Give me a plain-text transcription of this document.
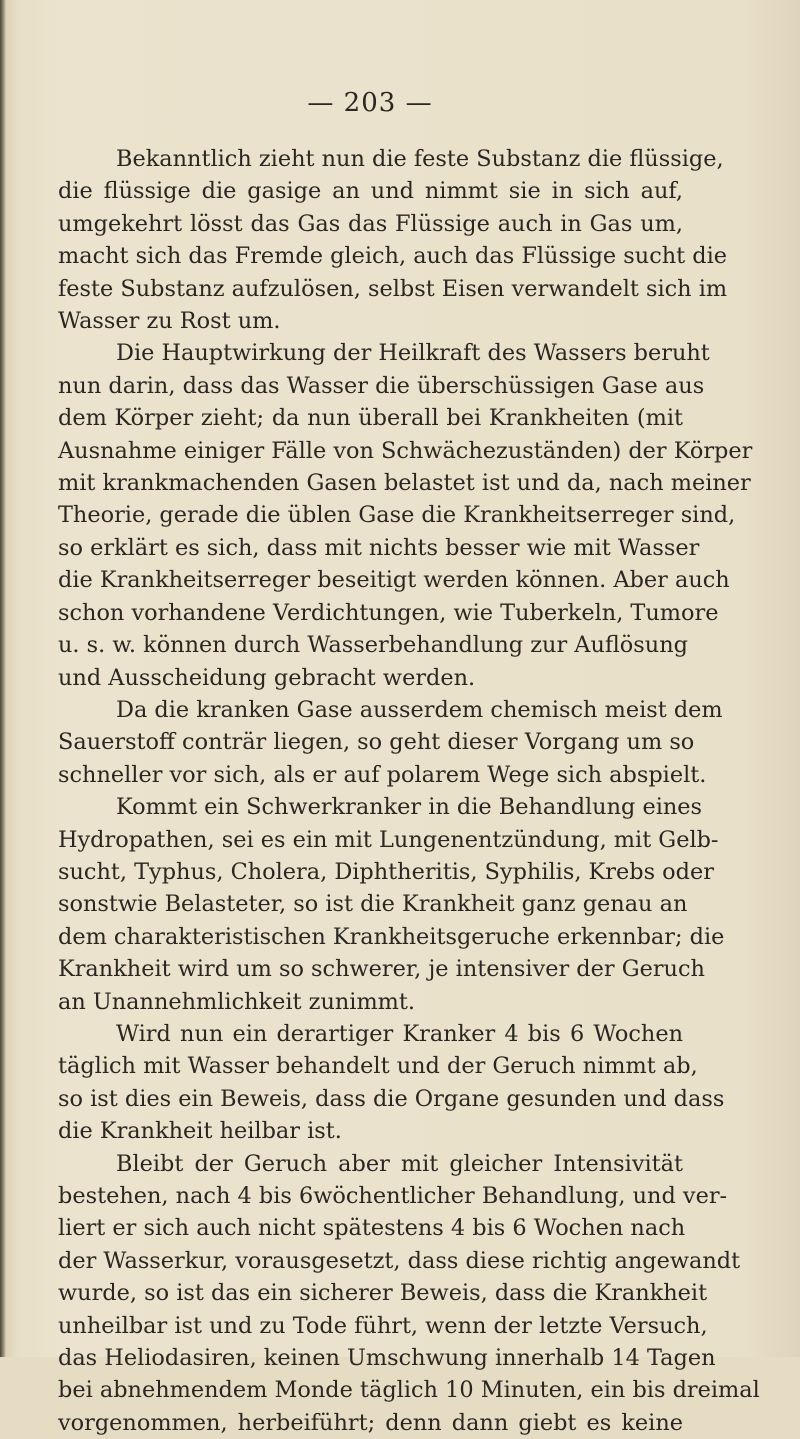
— 203 —
Bekanntlich zieht nun die feste Substanz die flüssige,
die flüssige die gasige an und nimmt sie in sich auf,
umgekehrt lösst das Gas das Flüssige auch in Gas um,
macht sich das Fremde gleich, auch das Flüssige sucht die
feste Substanz aufzulösen, selbst Eisen verwandelt sich im
Wasser zu Rost um.
Die Hauptwirkung der Heilkraft des Wassers beruht
nun darin, dass das Wasser die überschüssigen Gase aus
dem Körper zieht; da nun überall bei Krankheiten (mit
Ausnahme einiger Fälle von Schwächezuständen) der Körper
mit krankmachenden Gasen belastet ist und da, nach meiner
Theorie, gerade die üblen Gase die Krankheitserreger sind,
so erklärt es sich, dass mit nichts besser wie mit Wasser
die Krankheitserreger beseitigt werden können. Aber auch
schon vorhandene Verdichtungen, wie Tuberkeln, Tumore
u. s. w. können durch Wasserbehandlung zur Auflösung
und Ausscheidung gebracht werden.
Da die kranken Gase ausserdem chemisch meist dem
Sauerstoff conträr liegen, so geht dieser Vorgang um so
schneller vor sich, als er auf polarem Wege sich abspielt.
Kommt ein Schwerkranker in die Behandlung eines
Hydropathen, sei es ein mit Lungenentzündung, mit Gelb-
sucht, Typhus, Cholera, Diphtheritis, Syphilis, Krebs oder
sonstwie Belasteter, so ist die Krankheit ganz genau an
dem charakteristischen Krankheitsgeruche erkennbar; die
Krankheit wird um so schwerer, je intensiver der Geruch
an Unannehmlichkeit zunimmt.
Wird nun ein derartiger Kranker 4 bis 6 Wochen
täglich mit Wasser behandelt und der Geruch nimmt ab,
so ist dies ein Beweis, dass die Organe gesunden und dass
die Krankheit heilbar ist.
Bleibt der Geruch aber mit gleicher Intensivität
bestehen, nach 4 bis 6wöchentlicher Behandlung, und ver-
liert er sich auch nicht spätestens 4 bis 6 Wochen nach
der Wasserkur, vorausgesetzt, dass diese richtig angewandt
wurde, so ist das ein sicherer Beweis, dass die Krankheit
unheilbar ist und zu Tode führt, wenn der letzte Versuch,
das Heliodasiren, keinen Umschwung innerhalb 14 Tagen
bei abnehmendem Monde täglich 10 Minuten, ein bis dreimal
vorgenommen, herbeiführt; denn dann giebt es keine
